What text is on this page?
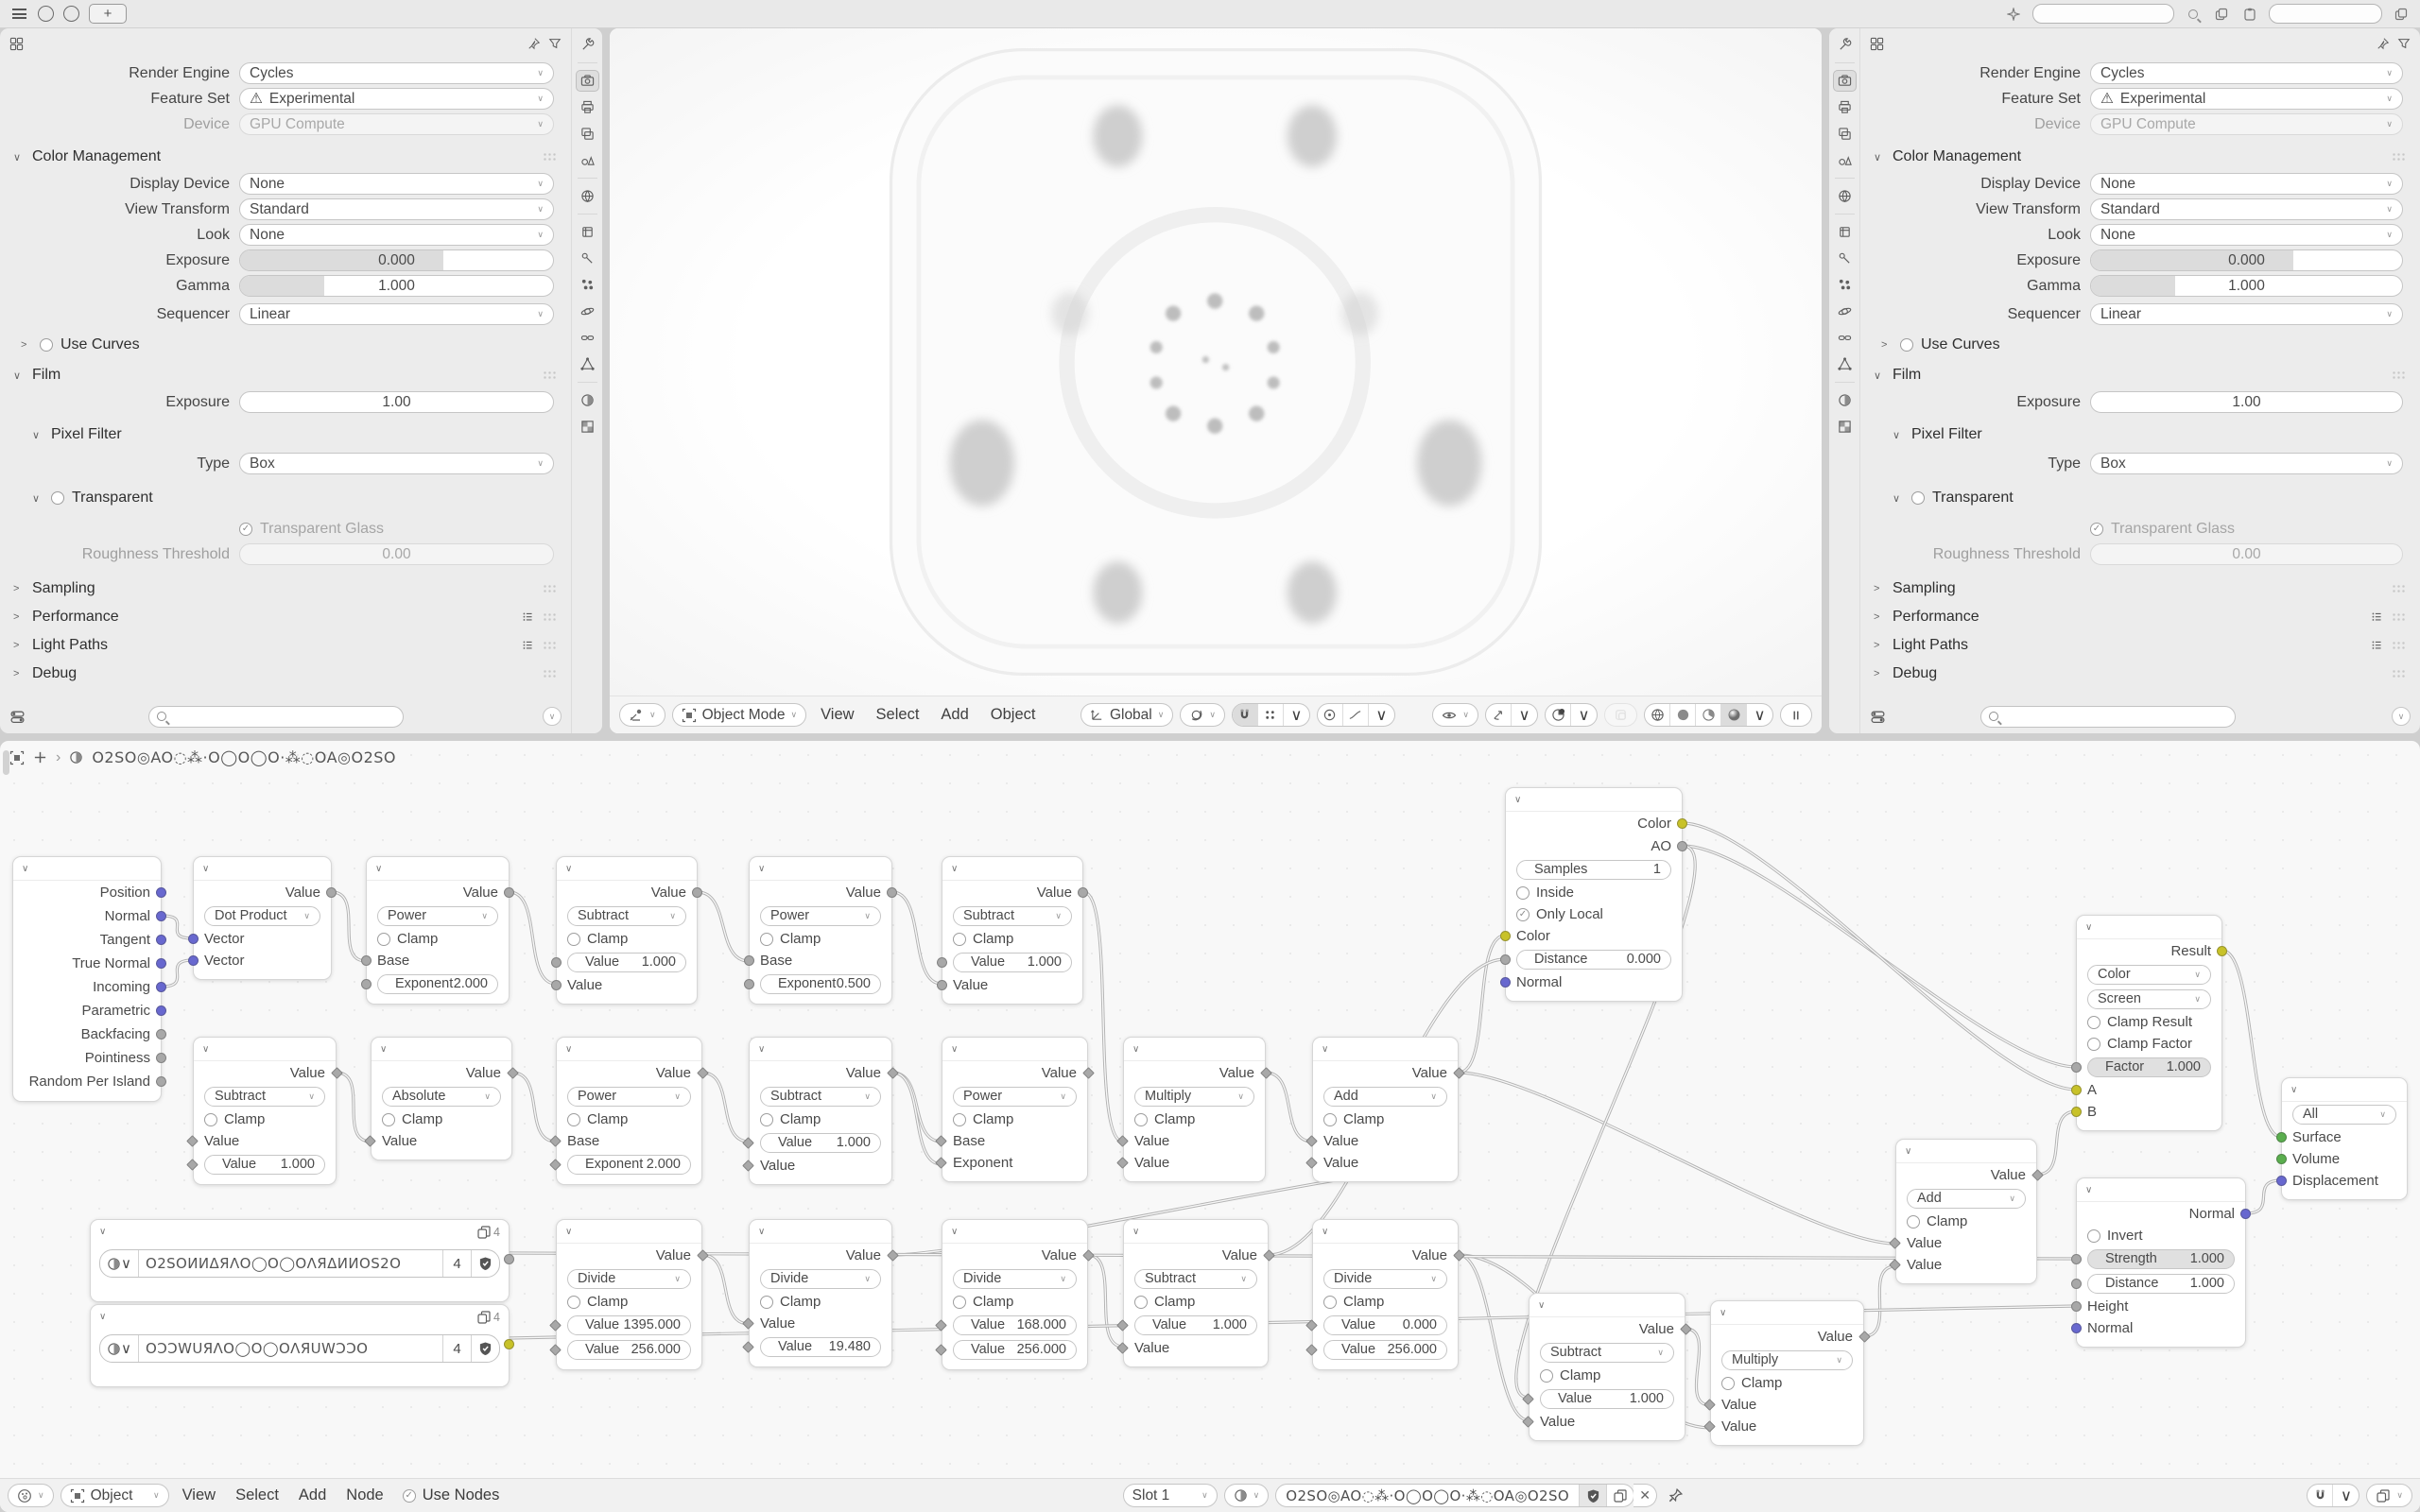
+
Render Engine Cycles	∨
Feature Set ⚠ Experimental	∨
Device GPU Compute	∨
∨ Color Management
Display Device None	∨
View Transform Standard	∨
Look None	∨
Exposure	0.000
Gamma	1.000
Sequencer Linear	∨
>	Use Curves
∨ Film
Exposure	1.00
∨ Pixel Filter
Type Box	∨
∨ Transparent
✓ Transparent Glass
Roughness Threshold	0.00
> Sampling
> Performance
> Light Paths
> Debug
∨	∨	Object Mode ∨	View	Select	Add	Object	Global ∨	∨	∨	∨	∨	∨	∨	∨
Render Engine Cycles	∨
Feature Set ⚠ Experimental	∨
Device GPU Compute	∨
∨ Color Management
Display Device None	∨
View Transform Standard	∨
Look None	∨
Exposure	0.000
Gamma	1.000
Sequencer Linear	∨
>	Use Curves
∨ Film
Exposure	1.00
∨ Pixel Filter
Type Box	∨
∨ Transparent
✓ Transparent Glass
Roughness Threshold	0.00
> Sampling
> Performance
> Light Paths
> Debug
∨
› O2SO◎AO◌⁂·O◯O◯O·⁂◌OA◎O2SO
∨
Position
Normal
Tangent
True Normal
Incoming
Parametric
Backfacing
Pointiness
Random Per Island
∨
Value
Dot Product	∨
Vector
Vector
∨
Value
Power	∨
Clamp
Base
Exponent 2.000
∨
Value
Subtract	∨
Clamp
Value	1.000
Value
∨
Value
Power	∨
Clamp
Base
Exponent 0.500
∨
Value
Subtract	∨
Clamp
Value	1.000
Value
∨
Value
Subtract	∨
Clamp
Value
Value	1.000
∨
Value
Absolute	∨
Clamp
Value
∨
Value
Power	∨
Clamp
Base
Exponent 2.000
∨
Value
Subtract	∨
Clamp
Value	1.000
Value
∨
Value
Power	∨
Clamp
Base
Exponent
∨
Value
Multiply	∨
Clamp
Value
Value
∨
Value
Add	∨
Clamp
Value
Value
∨	4
∨	O2SOͶͶΔЯΛO◯O◯OΛЯΔͶͶOS2O	4
∨	4
∨	OƆƆWUЯΛO◯O◯OΛЯUWƆƆO	4
∨
Value
Divide	∨
Clamp
Value 1395.000
Value 256.000
∨
Value
Divide	∨
Clamp
Value
Value	19.480
∨
Value
Divide	∨
Clamp
Value 168.000
Value 256.000
∨
Value
Subtract	∨
Clamp
Value	1.000
Value
∨
Value
Divide	∨
Clamp
Value	0.000
Value 256.000
∨
Color
AO
Samples	1
Inside
✓ Only Local
Color
Distance	0.000
Normal
∨
Value
Subtract	∨
Clamp
Value	1.000
Value
∨
Value
Multiply	∨
Clamp
Value
Value
∨
Value
Add	∨
Clamp
Value
Value
∨
Result
Color	∨
Screen	∨
Clamp Result
Clamp Factor
Factor	1.000
A
B
∨
Normal
Invert
Strength	1.000
Distance	1.000
Height
Normal
∨
All	∨
Surface
Volume
Displacement
∨	Object ∨	View	Select	Add	Node	✓ Use Nodes	Slot 1	∨	∨	O2SO◎AO◌⁂·O◯O◯O·⁂◌OA◎O2SO	✕	∨	∨
